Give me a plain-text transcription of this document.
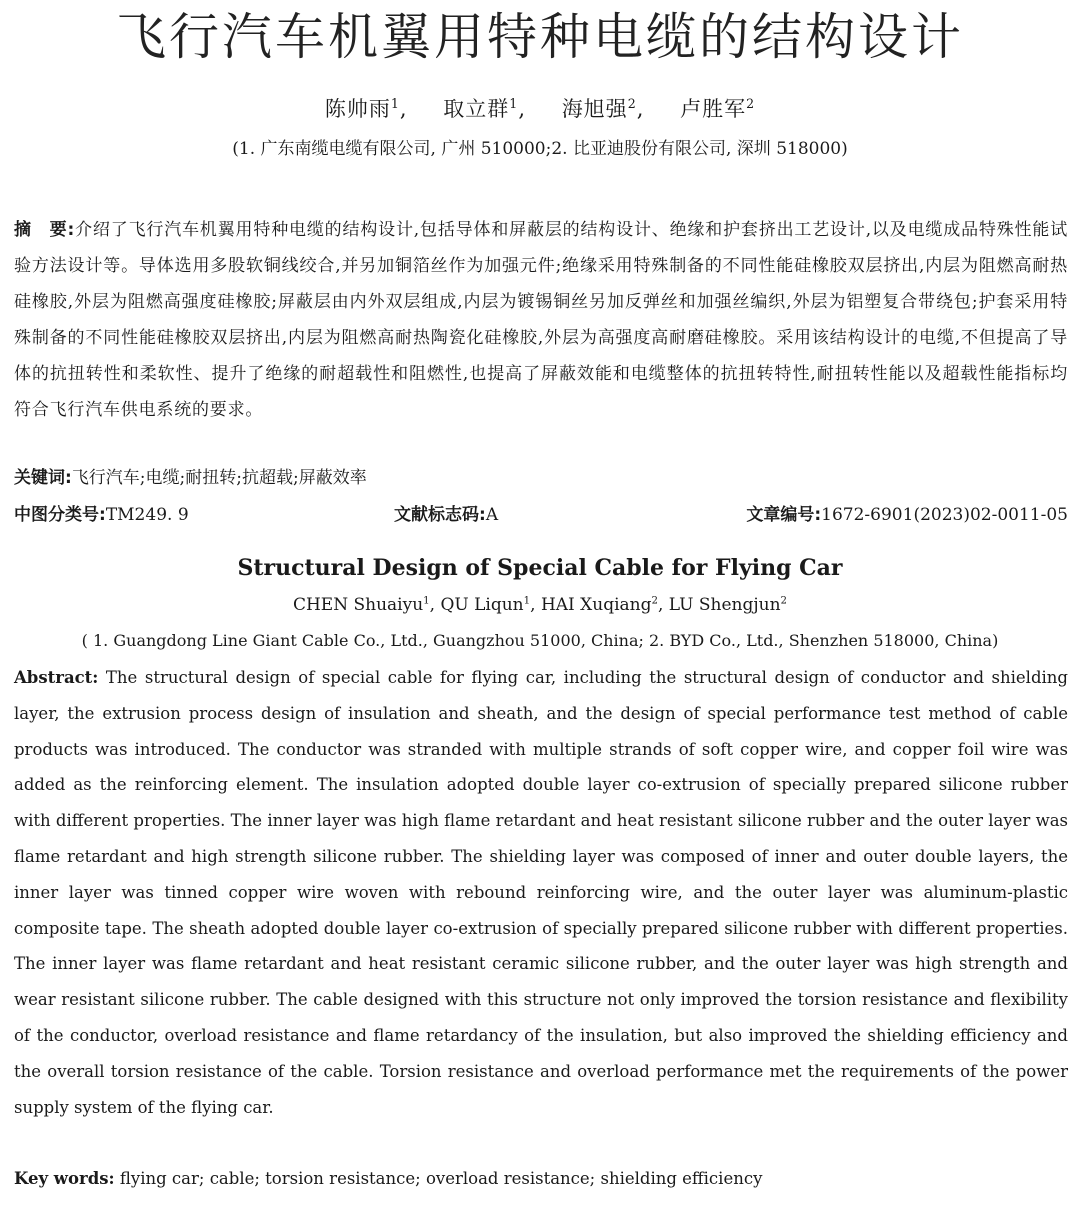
飞行汽车机翼用特种电缆的结构设计
陈帅雨$^1$, 取立群$^1$, 海旭强$^2$, 卢胜军$^2$
(1. 广东南缆电缆有限公司, 广州 510000;2. 比亚迪股份有限公司, 深圳 518000)
摘　要:介绍了飞行汽车机翼用特种电缆的结构设计,包括导体和屏蔽层的结构设计、绝缘和护套挤出工艺设计,以及电缆成品特殊性能试验方法设计等。导体选用多股软铜线绞合,并另加铜箔丝作为加强元件;绝缘采用特殊制备的不同性能硅橡胶双层挤出,内层为阻燃高耐热硅橡胶,外层为阻燃高强度硅橡胶;屏蔽层由内外双层组成,内层为镀锡铜丝另加反弹丝和加强丝编织,外层为铝塑复合带绕包;护套采用特殊制备的不同性能硅橡胶双层挤出,内层为阻燃高耐热陶瓷化硅橡胶,外层为高强度高耐磨硅橡胶。采用该结构设计的电缆,不但提高了导体的抗扭转性和柔软性、提升了绝缘的耐超载性和阻燃性,也提高了屏蔽效能和电缆整体的抗扭转特性,耐扭转性能以及超载性能指标均符合飞行汽车供电系统的要求。
关键词:飞行汽车;电缆;耐扭转;抗超载;屏蔽效率
中图分类号:TM249. 9	文献标志码:A	文章编号:1672-6901(2023)02-0011-05
Structural Design of Special Cable for Flying Car
CHEN Shuaiyu$^1$, QU Liqun$^1$, HAI Xuqiang$^2$, LU Shengjun$^2$
( 1. Guangdong Line Giant Cable Co., Ltd., Guangzhou 51000, China; 2. BYD Co., Ltd., Shenzhen 518000, China)
Abstract: The structural design of special cable for flying car, including the structural design of conductor and shielding layer, the extrusion process design of insulation and sheath, and the design of special performance test method of cable products was introduced. The conductor was stranded with multiple strands of soft copper wire, and copper foil wire was added as the reinforcing element. The insulation adopted double layer co-extrusion of specially prepared silicone rubber with different properties. The inner layer was high flame retardant and heat resistant silicone rubber and the outer layer was flame retardant and high strength silicone rubber. The shielding layer was composed of inner and outer double layers, the inner layer was tinned copper wire woven with rebound reinforcing wire, and the outer layer was aluminum-plastic composite tape. The sheath adopted double layer co-extrusion of specially prepared silicone rubber with different properties. The inner layer was flame retardant and heat resistant ceramic silicone rubber, and the outer layer was high strength and wear resistant silicone rubber. The cable designed with this structure not only improved the torsion resistance and flexibility of the conductor, overload resistance and flame retardancy of the insulation, but also improved the shielding efficiency and the overall torsion resistance of the cable. Torsion resistance and overload performance met the requirements of the power supply system of the flying car.
Key words: flying car; cable; torsion resistance; overload resistance; shielding efficiency
